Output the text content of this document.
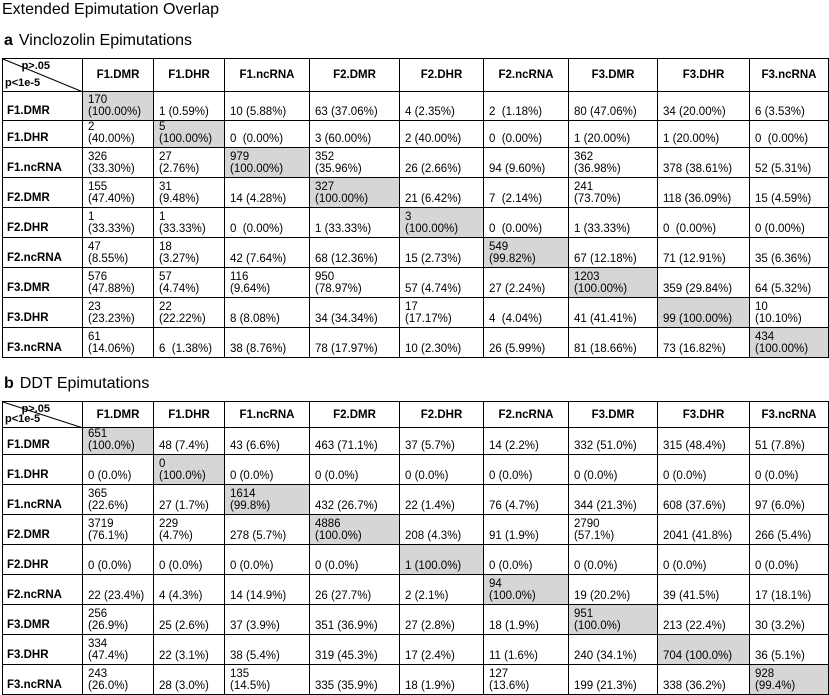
Extended Epimutation Overlap
a Vinclozolin Epimutations
p>.05
p<1e-5	F1.DMR	F1.DHR	F1.ncRNA	F2.DMR	F2.DHR	F2.ncRNA	F3.DMR	F3.DHR	F3.ncRNA
F1.DMR	170
(100.00%)	1 (0.59%)	10 (5.88%)	63 (37.06%)	4 (2.35%)	2  (1.18%)	80 (47.06%)	34 (20.00%)	6 (3.53%)
F1.DHR	2
(40.00%)	5
(100.00%)	0  (0.00%)	3 (60.00%)	2 (40.00%)	0  (0.00%)	1 (20.00%)	1 (20.00%)	0  (0.00%)
F1.ncRNA	326
(33.30%)	27
(2.76%)	979
(100.00%)	352
(35.96%)	26 (2.66%)	94 (9.60%)	362
(36.98%)	378 (38.61%)	52 (5.31%)
F2.DMR	155
(47.40%)	31
(9.48%)	14 (4.28%)	327
(100.00%)	21 (6.42%)	7  (2.14%)	241
(73.70%)	118 (36.09%)	15 (4.59%)
F2.DHR	1
(33.33%)	1
(33.33%)	0  (0.00%)	1 (33.33%)	3
(100.00%)	0  (0.00%)	1 (33.33%)	0  (0.00%)	0 (0.00%)
F2.ncRNA	47
(8.55%)	18
(3.27%)	42 (7.64%)	68 (12.36%)	15 (2.73%)	549
(99.82%)	67 (12.18%)	71 (12.91%)	35 (6.36%)
F3.DMR	576
(47.88%)	57
(4.74%)	116
(9.64%)	950
(78.97%)	57 (4.74%)	27 (2.24%)	1203
(100.00%)	359 (29.84%)	64 (5.32%)
F3.DHR	23
(23.23%)	22
(22.22%)	8 (8.08%)	34 (34.34%)	17
(17.17%)	4  (4.04%)	41 (41.41%)	99 (100.00%)	10
(10.10%)
F3.ncRNA	61
(14.06%)	6  (1.38%)	38 (8.76%)	78 (17.97%)	10 (2.30%)	26 (5.99%)	81 (18.66%)	73 (16.82%)	434
(100.00%)
b DDT Epimutations
p>.05
p<1e-5	F1.DMR	F1.DHR	F1.ncRNA	F2.DMR	F2.DHR	F2.ncRNA	F3.DMR	F3.DHR	F3.ncRNA
F1.DMR	651
(100.0%)	48 (7.4%)	43 (6.6%)	463 (71.1%)	37 (5.7%)	14 (2.2%)	332 (51.0%)	315 (48.4%)	51 (7.8%)
F1.DHR	0 (0.0%)	0
(100.0%)	0 (0.0%)	0 (0.0%)	0 (0.0%)	0 (0.0%)	0 (0.0%)	0 (0.0%)	0 (0.0%)
F1.ncRNA	365
(22.6%)	27 (1.7%)	1614
(99.8%)	432 (26.7%)	22 (1.4%)	76 (4.7%)	344 (21.3%)	608 (37.6%)	97 (6.0%)
F2.DMR	3719
(76.1%)	229
(4.7%)	278 (5.7%)	4886
(100.0%)	208 (4.3%)	91 (1.9%)	2790
(57.1%)	2041 (41.8%)	266 (5.4%)
F2.DHR	0 (0.0%)	0 (0.0%)	0 (0.0%)	0 (0.0%)	1 (100.0%)	0 (0.0%)	0 (0.0%)	0 (0.0%)	0 (0.0%)
F2.ncRNA	22 (23.4%)	4 (4.3%)	14 (14.9%)	26 (27.7%)	2 (2.1%)	94
(100.0%)	19 (20.2%)	39 (41.5%)	17 (18.1%)
F3.DMR	256
(26.9%)	25 (2.6%)	37 (3.9%)	351 (36.9%)	27 (2.8%)	18 (1.9%)	951
(100.0%)	213 (22.4%)	30 (3.2%)
F3.DHR	334
(47.4%)	22 (3.1%)	38 (5.4%)	319 (45.3%)	17 (2.4%)	11 (1.6%)	240 (34.1%)	704 (100.0%)	36 (5.1%)
F3.ncRNA	243
(26.0%)	28 (3.0%)	135
(14.5%)	335 (35.9%)	18 (1.9%)	127
(13.6%)	199 (21.3%)	338 (36.2%)	928
(99.4%)
